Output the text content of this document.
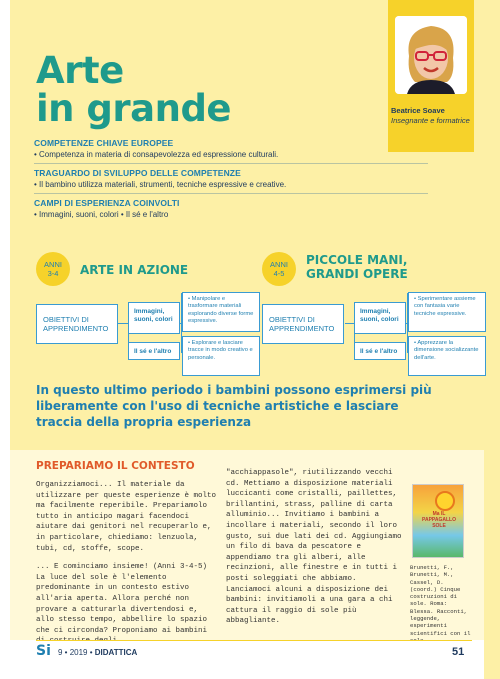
Arte
in grande	Beatrice Soave
Insegnante e formatrice
COMPETENZE CHIAVE EUROPEE
• Competenza in materia di consapevolezza ed espressione culturali.
TRAGUARDO DI SVILUPPO DELLE COMPETENZE
• Il bambino utilizza materiali, strumenti, tecniche espressive e creative.
CAMPI DI ESPERIENZA COINVOLTI
• Immagini, suoni, colori • Il sé e l'altro
ANNI
3-4	ARTE IN AZIONE
OBIETTIVI DI APPRENDIMENTO
Immagini, suoni, colori
Il sé e l'altro
• Manipolare e trasformare materiali esplorando diverse forme espressive.
• Esplorare e lasciare tracce in modo creativo e personale.
ANNI
4-5
PICCOLE MANI, GRANDI OPERE
OBIETTIVI DI APPRENDIMENTO
Immagini, suoni, colori
Il sé e l'altro
• Sperimentare assieme con fantasia varie tecniche espressive.
• Apprezzare la dimensione socializzante dell'arte.
In questo ultimo periodo i bambini possono esprimersi più liberamente con l'uso di tecniche artistiche e lasciare traccia della propria esperienza
PREPARIAMO IL CONTESTO

Organizziamoci... Il materiale da utilizzare per queste esperienze è molto ma facilmente reperibile. Prepariamolo tutto in anticipo magari facendoci aiutare dai genitori nel recuperarlo e, in particolare, chiediamo: lenzuola, tubi, cd, stoffe, scope.

... E cominciamo insieme! (Anni 3-4-5) La luce del sole è l'elemento predominante in un contesto estivo all'aria aperta. Allora perché non provare a catturarla divertendosi e, allo stesso tempo, abbellire lo spazio che ci circonda? Proponiamo ai bambini

"acchiappasole", riutilizzando vecchi cd. Mettiamo a disposizione materiali luccicanti come cristalli, paillettes, brillantini, strass, palline di carta alluminio... Invitiamo i bambini a incollare i materiali, secondo il loro gusto, sui due lati dei cd. Aggiungiamo un filo di bava da pescatore e appendiamo tra gli alberi, alle recinzioni, alle finestre e in tutti i posti soleggiati che abbiamo. Lanciamoci alcuni a disposizione dei bambini: invitiamoli a una gara a chi cattura il raggio di sole più abbagliante.

Ma IL PAPPAGALLO SOLE
Brunetti, F., Brunetti, M., Cassel, D. (coord.) Cinque costruzioni di sole. Roma: Blessa. Racconti, leggende, esperimenti scientifici con il
Si 9 • 2019 • DIDATTICA	51
